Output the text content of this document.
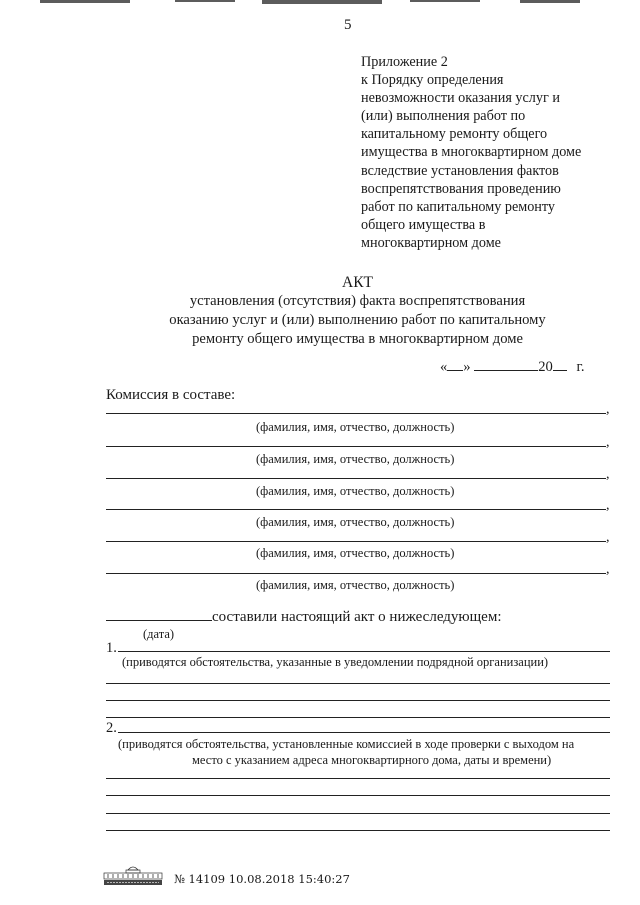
5
Приложение 2
к Порядку определения
невозможности оказания услуг и
(или) выполнения работ по
капитальному ремонту общего
имущества в многоквартирном доме
вследствие установления фактов
воспрепятствования проведению
работ по капитальному ремонту
общего имущества в
многоквартирном доме
АКТ
установления (отсутствия) факта воспрепятствования
оказанию услуг и (или) выполнению работ по капитальному
ремонту общего имущества в многоквартирном доме
« »	20 г.
Комиссия в составе:
,
(фамилия, имя, отчество, должность)
,
(фамилия, имя, отчество, должность)
,
(фамилия, имя, отчество, должность)
,
(фамилия, имя, отчество, должность)
,
(фамилия, имя, отчество, должность)
,
(фамилия, имя, отчество, должность)
составили настоящий акт о нижеследующем:
(дата)
1.
(приводятся обстоятельства, указанные в уведомлении подрядной организации)
2.
(приводятся обстоятельства, установленные комиссией в ходе проверки с выходом на
место с указанием адреса многоквартирного дома, даты и времени)
№ 14109 10.08.2018 15:40:27
